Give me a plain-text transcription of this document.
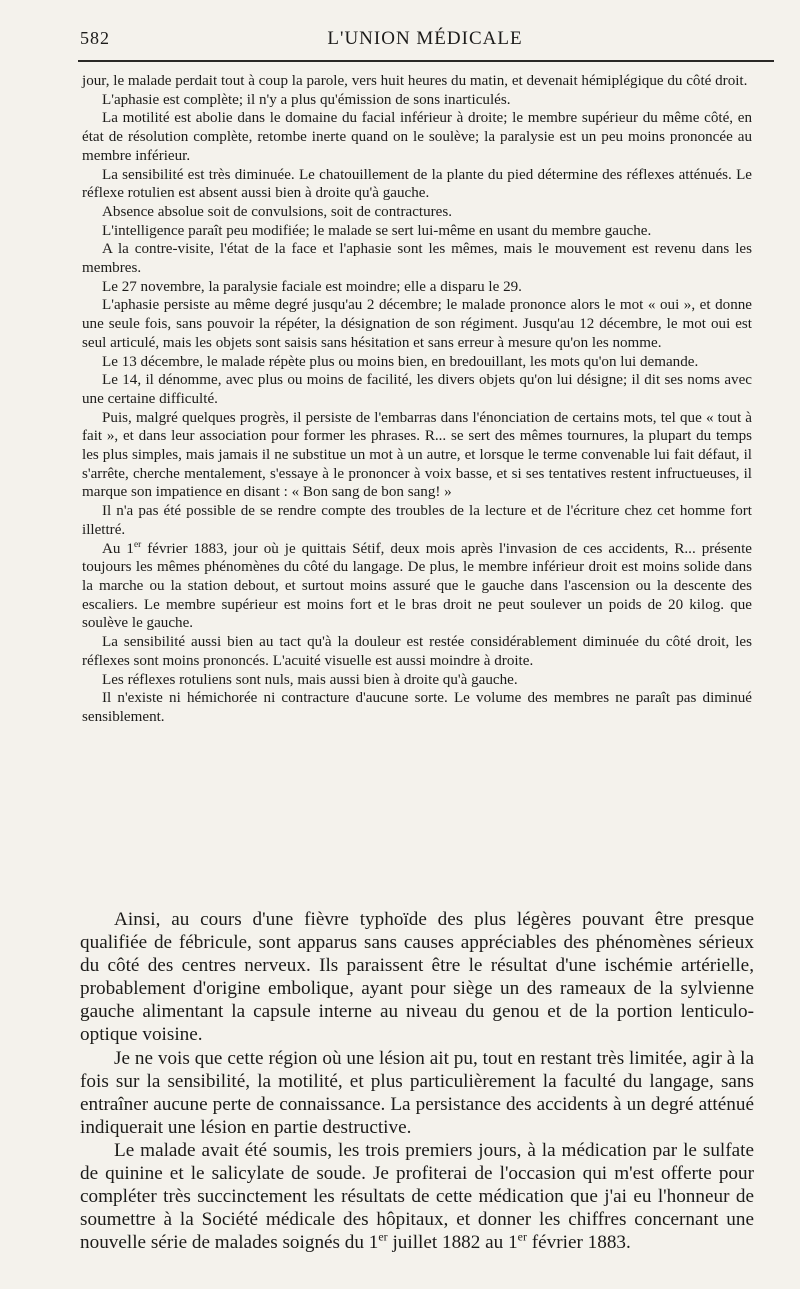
582	L'UNION MÉDICALE

jour, le malade perdait tout à coup la parole, vers huit heures du matin, et devenait hémiplégique du côté droit.

L'aphasie est complète; il n'y a plus qu'émission de sons inarticulés.

La motilité est abolie dans le domaine du facial inférieur à droite; le membre supérieur du même côté, en état de résolution complète, retombe inerte quand on le soulève; la paralysie est un peu moins prononcée au membre inférieur.

La sensibilité est très diminuée. Le chatouillement de la plante du pied détermine des réflexes atténués. Le réflexe rotulien est absent aussi bien à droite qu'à gauche.

Absence absolue soit de convulsions, soit de contractures.

L'intelligence paraît peu modifiée; le malade se sert lui-même en usant du membre gauche.

A la contre-visite, l'état de la face et l'aphasie sont les mêmes, mais le mouvement est revenu dans les membres.

Le 27 novembre, la paralysie faciale est moindre; elle a disparu le 29.

L'aphasie persiste au même degré jusqu'au 2 décembre; le malade prononce alors le mot « oui », et donne une seule fois, sans pouvoir la répéter, la désignation de son régiment. Jusqu'au 12 décembre, le mot oui est seul articulé, mais les objets sont saisis sans hésitation et sans erreur à mesure qu'on les nomme.

Le 13 décembre, le malade répète plus ou moins bien, en bredouillant, les mots qu'on lui demande.

Le 14, il dénomme, avec plus ou moins de facilité, les divers objets qu'on lui désigne; il dit ses noms avec une certaine difficulté.

Puis, malgré quelques progrès, il persiste de l'embarras dans l'énonciation de certains mots, tel que « tout à fait », et dans leur association pour former les phrases. R... se sert des mêmes tournures, la plupart du temps les plus simples, mais jamais il ne substitue un mot à un autre, et lorsque le terme convenable lui fait défaut, il s'arrête, cherche mentalement, s'essaye à le prononcer à voix basse, et si ses tentatives restent infructueuses, il marque son impatience en disant : « Bon sang de bon sang! »

Il n'a pas été possible de se rendre compte des troubles de la lecture et de l'écriture chez cet homme fort illettré.

Au 1er février 1883, jour où je quittais Sétif, deux mois après l'invasion de ces accidents, R... présente toujours les mêmes phénomènes du côté du langage. De plus, le membre inférieur droit est moins solide dans la marche ou la station debout, et surtout moins assuré que le gauche dans l'ascension ou la descente des escaliers. Le membre supérieur est moins fort et le bras droit ne peut soulever un poids de 20 kilog. que soulève le gauche.

La sensibilité aussi bien au tact qu'à la douleur est restée considérablement diminuée du côté droit, les réflexes sont moins prononcés. L'acuité visuelle est aussi moindre à droite.

Les réflexes rotuliens sont nuls, mais aussi bien à droite qu'à gauche.

Il n'existe ni hémichorée ni contracture d'aucune sorte. Le volume des membres ne paraît pas diminué sensiblement.

Ainsi, au cours d'une fièvre typhoïde des plus légères pouvant être presque qualifiée de fébricule, sont apparus sans causes appréciables des phénomènes sérieux du côté des centres nerveux. Ils paraissent être le résultat d'une ischémie artérielle, probablement d'origine embolique, ayant pour siège un des rameaux de la sylvienne gauche alimentant la capsule interne au niveau du genou et de la portion lenticulo-optique voisine.

Je ne vois que cette région où une lésion ait pu, tout en restant très limitée, agir à la fois sur la sensibilité, la motilité, et plus particulièrement la faculté du langage, sans entraîner aucune perte de connaissance. La persistance des accidents à un degré atténué indiquerait une lésion en partie destructive.

Le malade avait été soumis, les trois premiers jours, à la médication par le sulfate de quinine et le salicylate de soude. Je profiterai de l'occasion qui m'est offerte pour compléter très succinctement les résultats de cette médication que j'ai eu l'honneur de soumettre à la Société médicale des hôpitaux, et donner les chiffres concernant une nouvelle série de malades soignés du 1er juillet 1882 au 1er février 1883.
